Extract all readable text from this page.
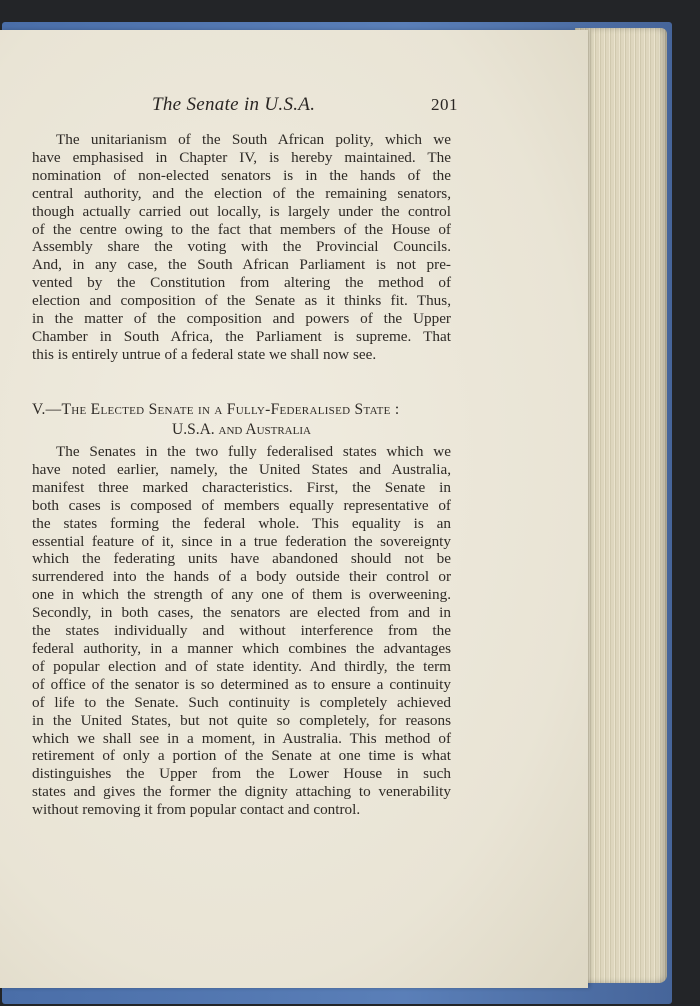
The Senate in U.S.A.	201

The unitarianism of the South African polity, which we

have emphasised in Chapter IV, is hereby maintained. The

nomination of non-elected senators is in the hands of the

central authority, and the election of the remaining senators,

though actually carried out locally, is largely under the control

of the centre owing to the fact that members of the House of

Assembly share the voting with the Provincial Councils.

And, in any case, the South African Parliament is not pre-

vented by the Constitution from altering the method of

election and composition of the Senate as it thinks fit. Thus,

in the matter of the composition and powers of the Upper

Chamber in South Africa, the Parliament is supreme. That

this is entirely untrue of a federal state we shall now see.

V.—The Elected Senate in a Fully-Federalised State :
U.S.A. and Australia

The Senates in the two fully federalised states which we

have noted earlier, namely, the United States and Australia,

manifest three marked characteristics. First, the Senate in

both cases is composed of members equally representative of

the states forming the federal whole. This equality is an

essential feature of it, since in a true federation the sovereignty

which the federating units have abandoned should not be

surrendered into the hands of a body outside their control or

one in which the strength of any one of them is overweening.

Secondly, in both cases, the senators are elected from and in

the states individually and without interference from the

federal authority, in a manner which combines the advantages

of popular election and of state identity. And thirdly, the term

of office of the senator is so determined as to ensure a continuity

of life to the Senate. Such continuity is completely achieved

in the United States, but not quite so completely, for reasons

which we shall see in a moment, in Australia. This method of

retirement of only a portion of the Senate at one time is what

distinguishes the Upper from the Lower House in such

states and gives the former the dignity attaching to venerability

without removing it from popular contact and control.
